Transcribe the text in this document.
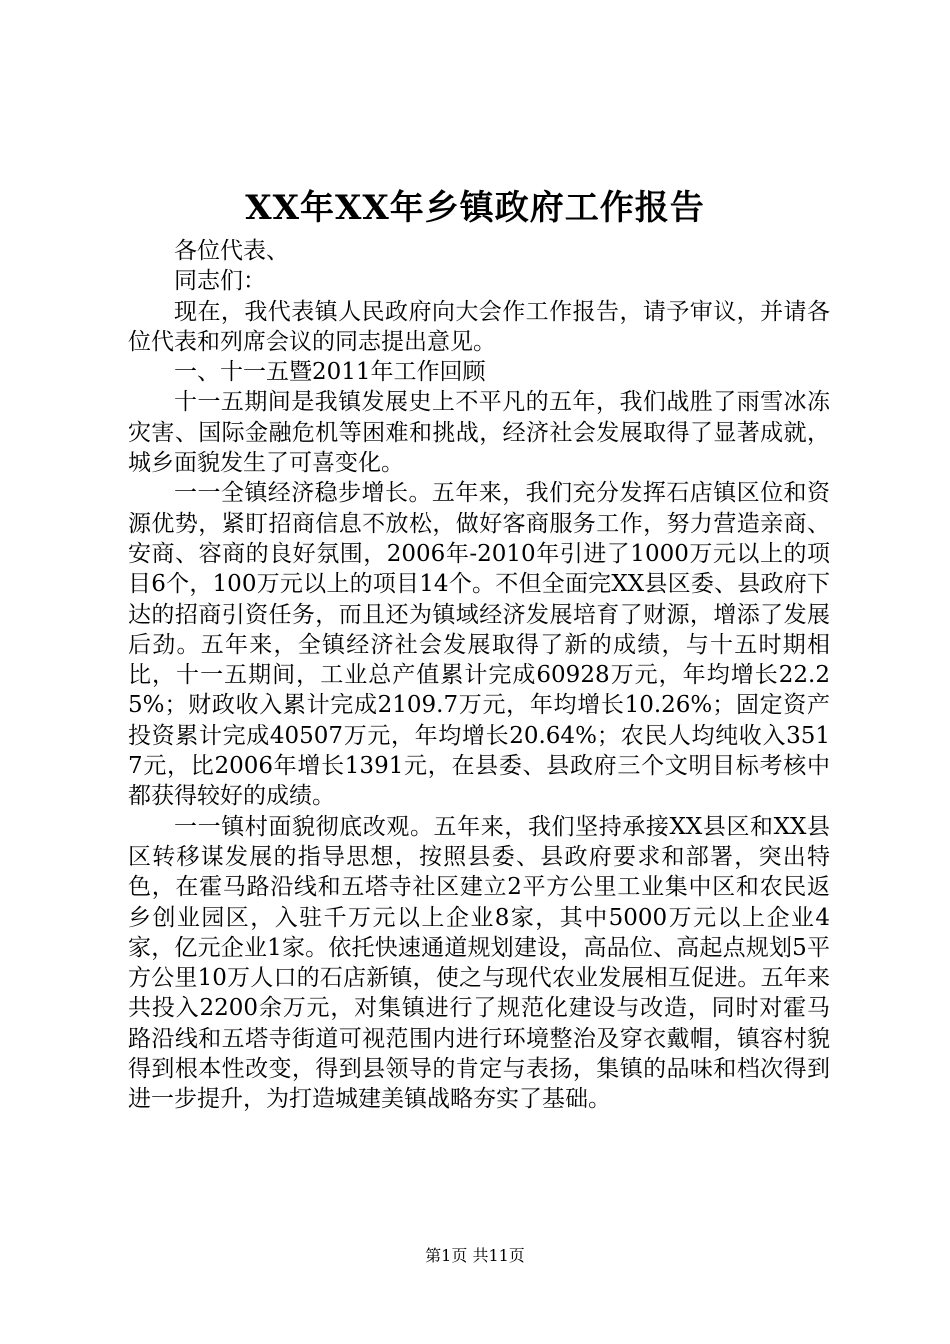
XX年XX年乡镇政府工作报告

各位代表、

同志们：

现在，我代表镇人民政府向大会作工作报告，请予审议，并请各位代表和列席会议的同志提出意见。

一、十一五暨2011年工作回顾

十一五期间是我镇发展史上不平凡的五年，我们战胜了雨雪冰冻灾害、国际金融危机等困难和挑战，经济社会发展取得了显著成就，城乡面貌发生了可喜变化。

一一全镇经济稳步增长。五年来，我们充分发挥石店镇区位和资源优势，紧盯招商信息不放松，做好客商服务工作，努力营造亲商、安商、容商的良好氛围，2006年-2010年引进了1000万元以上的项目6个，100万元以上的项目14个。不但全面完XX县区委、县政府下达的招商引资任务，而且还为镇域经济发展培育了财源，增添了发展后劲。五年来，全镇经济社会发展取得了新的成绩，与十五时期相比，十一五期间，工业总产值累计完成60928万元，年均增长22.25%；财政收入累计完成2109.7万元，年均增长10.26%；固定资产投资累计完成40507万元，年均增长20.64%；农民人均纯收入3517元，比2006年增长1391元，在县委、县政府三个文明目标考核中都获得较好的成绩。

一一镇村面貌彻底改观。五年来，我们坚持承接XX县区和XX县区转移谋发展的指导思想，按照县委、县政府要求和部署，突出特色，在霍马路沿线和五塔寺社区建立2平方公里工业集中区和农民返乡创业园区，入驻千万元以上企业8家，其中5000万元以上企业4家，亿元企业1家。依托快速通道规划建设，高品位、高起点规划5平方公里10万人口的石店新镇，使之与现代农业发展相互促进。五年来共投入2200余万元，对集镇进行了规范化建设与改造，同时对霍马路沿线和五塔寺街道可视范围内进行环境整治及穿衣戴帽，镇容村貌得到根本性改变，得到县领导的肯定与表扬，集镇的品味和档次得到进一步提升，为打造城建美镇战略夯实了基础。

第1页 共11页
